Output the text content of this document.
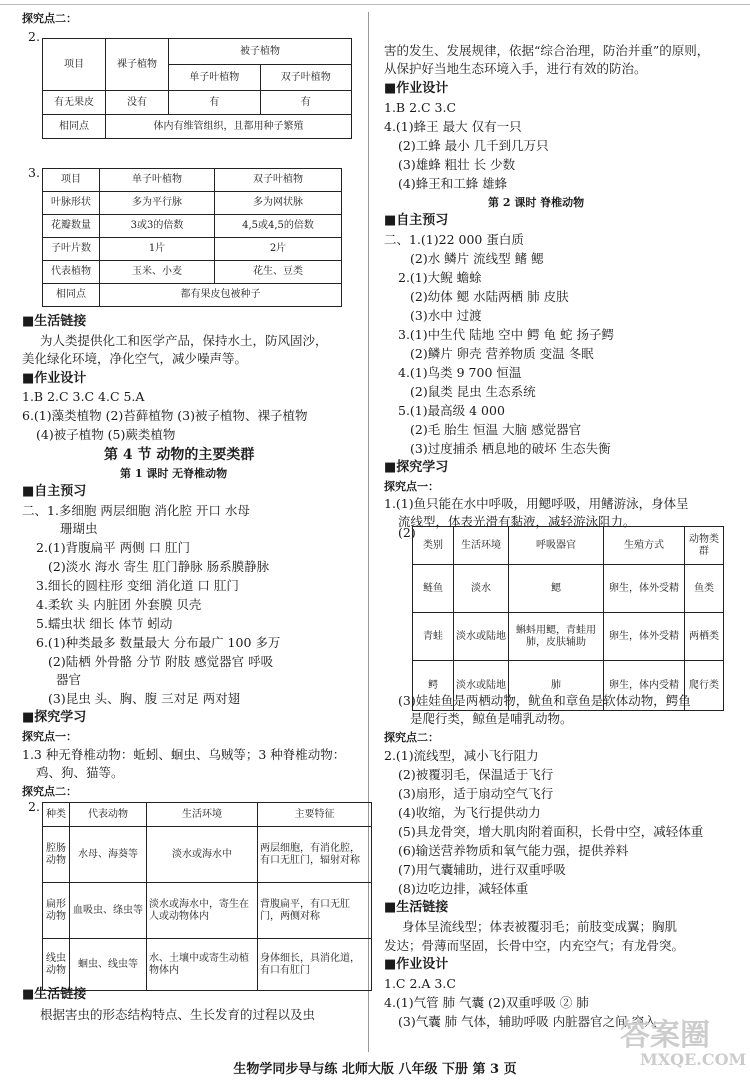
探究点二：
2.
项目	裸子植物	被子植物	
		单子叶植物	双子叶植物
有无果皮	没有	有	有
相同点	体内有维管组织，且都用种子繁殖		
3. 项目	单子叶植物	双子叶植物
叶脉形状	多为平行脉	多为网状脉
花瓣数量	3或3的倍数	4,5或4,5的倍数
子叶片数	1片	2片
代表植物	玉米、小麦	花生、豆类
相同点	都有果皮包被种子	
■生活链接
为人类提供化工和医学产品，保持水土，防风固沙，
美化绿化环境，净化空气，减少噪声等。
■作业设计
1.B 2.C 3.C 4.C 5.A
6.(1)藻类植物 (2)苔藓植物 (3)被子植物、裸子植物
(4)被子植物 (5)蕨类植物
第 4 节 动物的主要类群
第 1 课时 无脊椎动物
■自主预习
二、1.多细胞 两层细胞 消化腔 开口 水母
珊瑚虫
2.(1)背腹扁平 两侧 口 肛门
(2)淡水 海水 寄生 肛门静脉 肠系膜静脉
3.细长的圆柱形 变细 消化道 口 肛门
4.柔软 头 内脏团 外套膜 贝壳
5.蠕虫状 细长 体节 蚓动
6.(1)种类最多 数量最大 分布最广 100 多万
(2)陆栖 外骨骼 分节 附肢 感觉器官 呼吸
器官
(3)昆虫 头、胸、腹 三对足 两对翅
■探究学习
探究点一：
1.3 种无脊椎动物：蚯蚓、蛔虫、乌贼等；3 种脊椎动物：
鸡、狗、猫等。
探究点二：
2. 种类	代表动物	生活环境	主要特征
腔肠动物	水母、海葵等	淡水或海水中	两层细胞，有消化腔，有口无肛门，辐射对称
扁形动物	血吸虫、绦虫等	淡水或海水中，寄生在人或动物体内	背腹扁平，有口无肛门，两侧对称
线虫动物	蛔虫、线虫等	水、土壤中或寄生动植物体内	身体细长，具消化道，有口有肛门
■生活链接
根据害虫的形态结构特点、生长发育的过程以及虫
害的发生、发展规律，依据“综合治理，防治并重”的原则，
从保护好当地生态环境入手，进行有效的防治。
■作业设计
1.B 2.C 3.C
4.(1)蜂王 最大 仅有一只
(2)工蜂 最小 几千到几万只
(3)雄蜂 粗壮 长 少数
(4)蜂王和工蜂 雄蜂
第 2 课时 脊椎动物
■自主预习
二、1.(1)22 000 蛋白质
(2)水 鳞片 流线型 鳍 鳃
2.(1)大鲵 蟾蜍
(2)幼体 鳃 水陆两栖 肺 皮肤
(3)水中 过渡
3.(1)中生代 陆地 空中 鳄 龟 蛇 扬子鳄
(2)鳞片 卵壳 营养物质 变温 冬眠
4.(1)鸟类 9 700 恒温
(2)鼠类 昆虫 生态系统
5.(1)最高级 4 000
(2)毛 胎生 恒温 大脑 感觉器官
(3)过度捕杀 栖息地的破坏 生态失衡
■探究学习
探究点一：
1.(1)鱼只能在水中呼吸，用鳃呼吸，用鳍游泳，身体呈
流线型，体表光滑有黏液，减轻游泳阻力。
(2)
类别	生活环境	呼吸器官	生殖方式	动物类群
鲢鱼	淡水	鳃	卵生，体外受精	鱼类
青蛙	淡水或陆地	蝌蚪用鳃，青蛙用肺，皮肤辅助	卵生，体外受精	两栖类
鳄	淡水或陆地	肺	卵生，体内受精	爬行类
(3)娃娃鱼是两栖动物，鱿鱼和章鱼是软体动物，鳄鱼
是爬行类，鲸鱼是哺乳动物。
探究点二：
2.(1)流线型，减小飞行阻力
(2)被覆羽毛，保温适于飞行
(3)扇形，适于扇动空气飞行
(4)收缩，为飞行提供动力
(5)具龙骨突，增大肌肉附着面积，长骨中空，减轻体重
(6)输送营养物质和氧气能力强，提供养料
(7)用气囊辅助，进行双重呼吸
(8)边吃边排，减轻体重
■生活链接
身体呈流线型；体表被覆羽毛；前肢变成翼；胸肌
发达；骨薄而坚固，长骨中空，内充空气；有龙骨突。
■作业设计
1.C 2.A 3.C
4.(1)气管 肺 气囊 (2)双重呼吸 ② 肺
(3)气囊 肺 气体，辅助呼吸 内脏器官之间 突入
生物学同步导与练 北师大版 八年级 下册 第 3 页
答案圈
MXQE.COM
